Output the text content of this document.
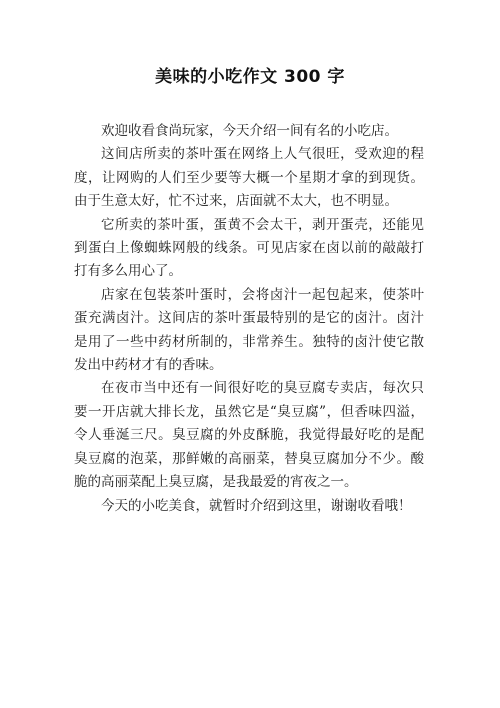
美味的小吃作文 300 字

欢迎收看食尚玩家，今天介绍一间有名的小吃店。

这间店所卖的茶叶蛋在网络上人气很旺，受欢迎的程度，让网购的人们至少要等大概一个星期才拿的到现货。由于生意太好，忙不过来，店面就不太大，也不明显。

它所卖的茶叶蛋，蛋黄不会太干，剥开蛋壳，还能见到蛋白上像蜘蛛网般的线条。可见店家在卤以前的敲敲打打有多么用心了。

店家在包装茶叶蛋时，会将卤汁一起包起来，使茶叶蛋充满卤汁。这间店的茶叶蛋最特别的是它的卤汁。卤汁是用了一些中药材所制的，非常养生。独特的卤汁使它散发出中药材才有的香味。

在夜市当中还有一间很好吃的臭豆腐专卖店，每次只要一开店就大排长龙，虽然它是“臭豆腐”，但香味四溢，令人垂涎三尺。臭豆腐的外皮酥脆，我觉得最好吃的是配臭豆腐的泡菜，那鲜嫩的高丽菜，替臭豆腐加分不少。酸脆的高丽菜配上臭豆腐，是我最爱的宵夜之一。

今天的小吃美食，就暂时介绍到这里，谢谢收看哦！
